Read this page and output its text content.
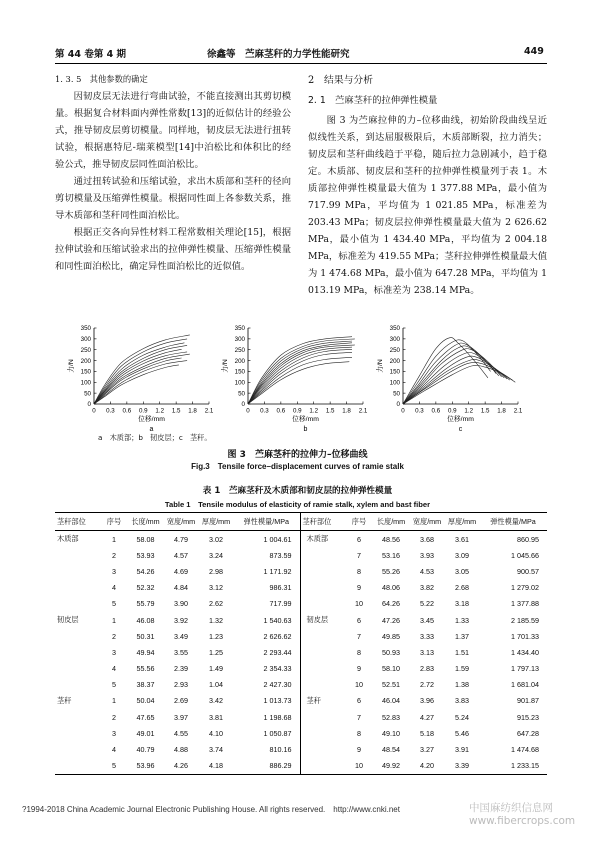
第 44 卷第 4 期	徐鑫等　苎麻茎秆的力学性能研究	449
1. 3. 5　其他参数的确定

因韧皮层无法进行弯曲试验，不能直接测出其剪切模量。根据复合材料面内弹性常数[13]的近似估计的经验公式，推导韧皮层剪切模量。同样地，韧皮层无法进行扭转试验，根据惠特尼-瑞莱模型[14]中泊松比和体积比的经验公式，推导韧皮层同性面泊松比。

通过扭转试验和压缩试验，求出木质部和茎秆的径向剪切模量及压缩弹性模量。根据同性面上各参数关系，推导木质部和茎秆同性面泊松比。

根据正交各向异性材料工程常数相关理论[15]，根据拉伸试验和压缩试验求出的拉伸弹性模量、压缩弹性模量和同性面泊松比，确定异性面泊松比的近似值。

2　结果与分析
2. 1　苎麻茎秆的拉伸弹性模量

图 3 为苎麻拉伸的力–位移曲线，初始阶段曲线呈近似线性关系，到达屈服极限后，木质部断裂，拉力消失；韧皮层和茎秆曲线趋于平稳，随后拉力急剧减小，趋于稳定。木质部、韧皮层和茎秆的拉伸弹性模量列于表 1。木质部拉伸弹性模量最大值为 1 377.88 MPa，最小值为 717.99 MPa，平均值为 1 021.85 MPa，标准差为 203.43 MPa；韧皮层拉伸弹性模量最大值为 2 626.62 MPa，最小值为 1 434.40 MPa，平均值为 2 004.18 MPa，标准差为 419.55 MPa；茎秆拉伸弹性模量最大值为 1 474.68 MPa，最小值为 647.28 MPa，平均值为 1 013.19 MPa，标准差为 238.14 MPa。

0
50
100
150
200
250
300
350
0 0.3 0.6 0.9 1.2 1.5 1.8 2.1
位移/mm
力/N
a
0
50
100
150
200
250
300
350
0 0.3 0.6 0.9 1.2 1.5 1.8 2.1
位移/mm
力/N
b
0
50
100
150
200
250
300
350
0 0.3 0.6 0.9 1.2 1.5 1.8 2.1
位移/mm
力/N
c
a　木质部；b　韧皮层；c　茎秆。
图 3　苎麻茎秆的拉伸力–位移曲线
Fig.3　Tensile force–displacement curves of ramie stalk
表 1　苎麻茎秆及木质部和韧皮层的拉伸弹性模量
Table 1　Tensile modulus of elasticity of ramie stalk, xylem and bast fiber
茎秆部位	序号	长度/mm	宽度/mm	厚度/mm	弹性模量/MPa	茎秆部位	序号	长度/mm	宽度/mm	厚度/mm	弹性模量/MPa
木质部	1	58.08	4.79	3.02	1 004.61	木质部	6	48.56	3.68	3.61	860.95
	2	53.93	4.57	3.24	873.59		7	53.16	3.93	3.09	1 045.66
	3	54.26	4.69	2.98	1 171.92		8	55.26	4.53	3.05	900.57
	4	52.32	4.84	3.12	986.31		9	48.06	3.82	2.68	1 279.02
	5	55.79	3.90	2.62	717.99		10	64.26	5.22	3.18	1 377.88
韧皮层	1	46.08	3.92	1.32	1 540.63	韧皮层	6	47.26	3.45	1.33	2 185.59
	2	50.31	3.49	1.23	2 626.62		7	49.85	3.33	1.37	1 701.33
	3	49.94	3.55	1.25	2 293.44		8	50.93	3.13	1.51	1 434.40
	4	55.56	2.39	1.49	2 354.33		9	58.10	2.83	1.59	1 797.13
	5	38.37	2.93	1.04	2 427.30		10	52.51	2.72	1.38	1 681.04
茎秆	1	50.04	2.69	3.42	1 013.73	茎秆	6	46.04	3.96	3.83	901.87
	2	47.65	3.97	3.81	1 198.68		7	52.83	4.27	5.24	915.23
	3	49.01	4.55	4.10	1 050.87		8	49.10	5.18	5.46	647.28
	4	40.79	4.88	3.74	810.16		9	48.54	3.27	3.91	1 474.68
	5	53.96	4.26	4.18	886.29		10	49.92	4.20	3.39	1 233.15
?1994-2018 China Academic Journal Electronic Publishing House. All rights reserved.　http://www.cnki.net	中国麻纺织信息网
www.fibercrops.com
